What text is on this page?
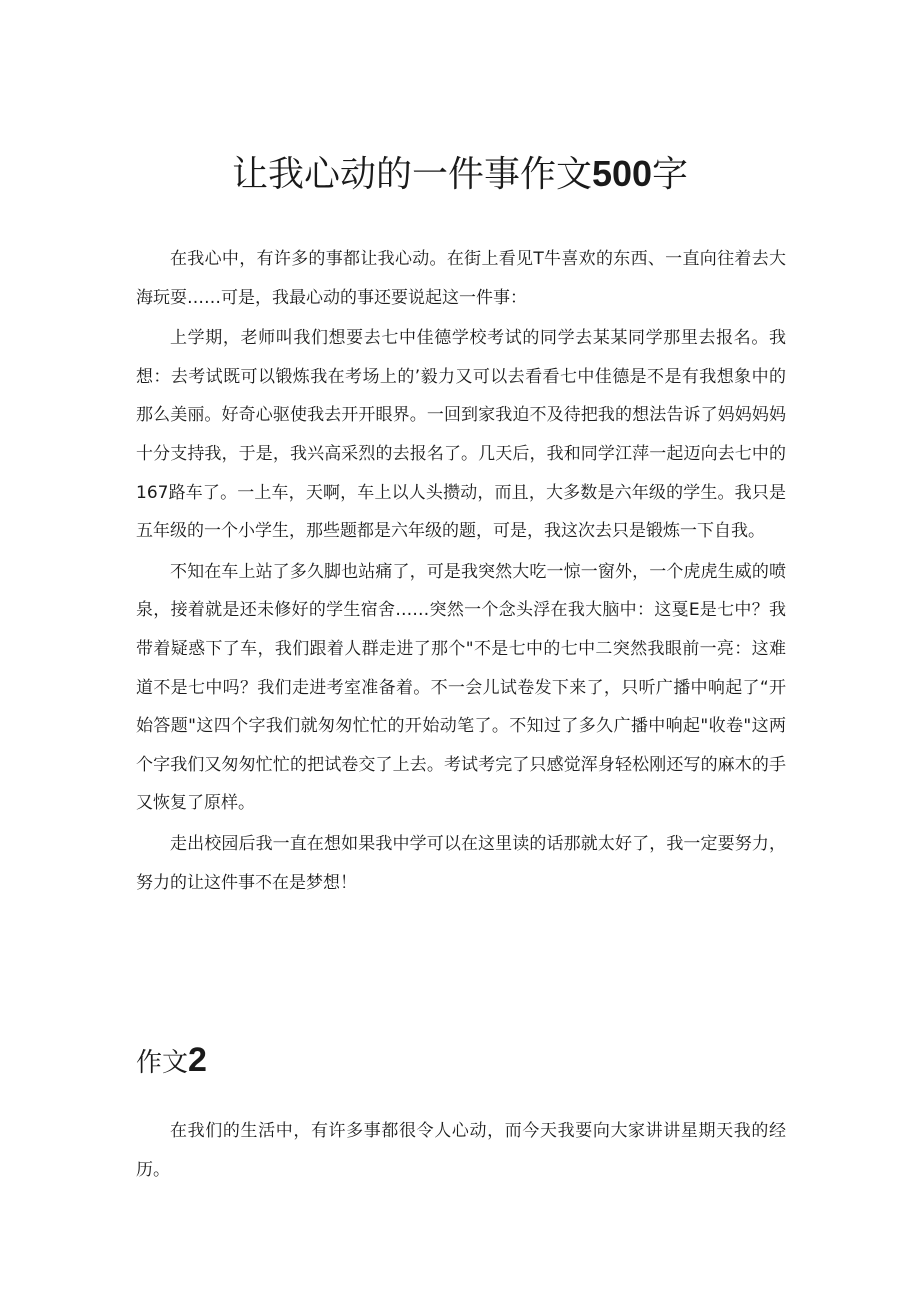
让我心动的一件事作文500字

在我心中，有许多的事都让我心动。在街上看见T牛喜欢的东西、一直向往着去大海玩耍……可是，我最心动的事还要说起这一件事：

上学期，老师叫我们想要去七中佳德学校考试的同学去某某同学那里去报名。我想：去考试既可以锻炼我在考场上的’毅力又可以去看看七中佳德是不是有我想象中的那么美丽。好奇心驱使我去开开眼界。一回到家我迫不及待把我的想法告诉了妈妈妈妈十分支持我，于是，我兴高采烈的去报名了。几天后，我和同学江萍一起迈向去七中的167路车了。一上车，天啊，车上以人头攒动，而且，大多数是六年级的学生。我只是五年级的一个小学生，那些题都是六年级的题，可是，我这次去只是锻炼一下自我。

不知在车上站了多久脚也站痛了，可是我突然大吃一惊一窗外，一个虎虎生威的喷泉，接着就是还未修好的学生宿舍……突然一个念头浮在我大脑中：这戛E是七中？我带着疑惑下了车，我们跟着人群走进了那个"不是七中的七中二突然我眼前一亮：这难道不是七中吗？我们走进考室准备着。不一会儿试卷发下来了，只听广播中响起了“开始答题"这四个字我们就匆匆忙忙的开始动笔了。不知过了多久广播中响起"收卷"这两个字我们又匆匆忙忙的把试卷交了上去。考试考完了只感觉浑身轻松刚还写的麻木的手又恢复了原样。

走出校园后我一直在想如果我中学可以在这里读的话那就太好了，我一定要努力，努力的让这件事不在是梦想！

作文2

在我们的生活中，有许多事都很令人心动，而今天我要向大家讲讲星期天我的经历。
